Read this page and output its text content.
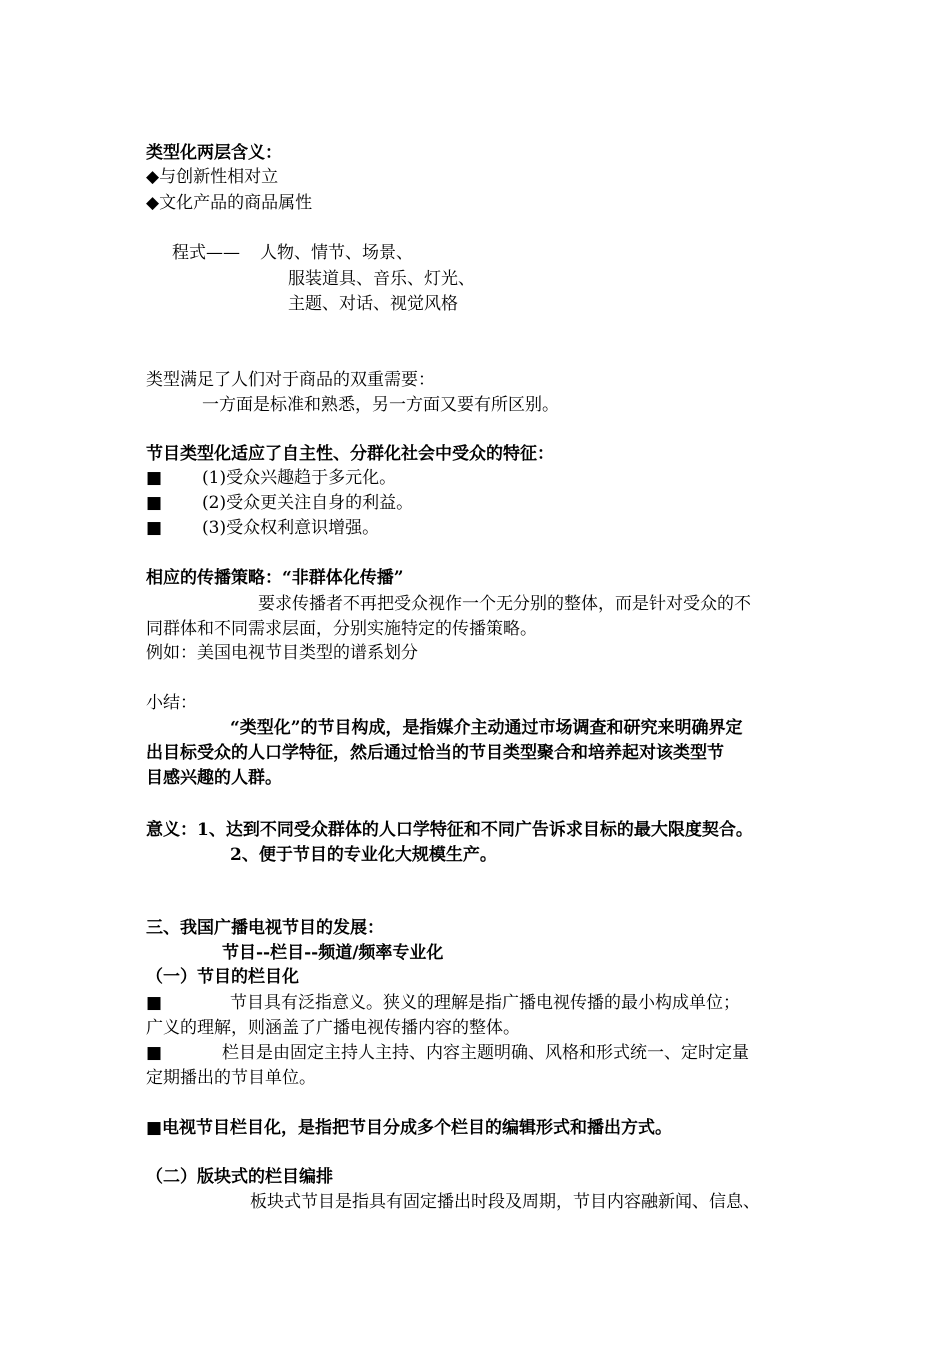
类型化两层含义：
◆与创新性相对立
◆文化产品的商品属性
程式—— 人物、情节、场景、
服装道具、音乐、灯光、
主题、对话、视觉风格
类型满足了人们对于商品的双重需要：
一方面是标准和熟悉，另一方面又要有所区别。
节目类型化适应了自主性、分群化社会中受众的特征：
■ (1)受众兴趣趋于多元化。
■ (2)受众更关注自身的利益。
■ (3)受众权利意识增强。
相应的传播策略：“非群体化传播”
要求传播者不再把受众视作一个无分别的整体，而是针对受众的不
同群体和不同需求层面，分别实施特定的传播策略。
例如：美国电视节目类型的谱系划分
小结：
“类型化”的节目构成，是指媒介主动通过市场调查和研究来明确界定
出目标受众的人口学特征，然后通过恰当的节目类型聚合和培养起对该类型节
目感兴趣的人群。
意义：1、达到不同受众群体的人口学特征和不同广告诉求目标的最大限度契合。
2、便于节目的专业化大规模生产。
三、我国广播电视节目的发展：
节目--栏目--频道/频率专业化
（一）节目的栏目化
■	节目具有泛指意义。狭义的理解是指广播电视传播的最小构成单位；
广义的理解，则涵盖了广播电视传播内容的整体。
■	栏目是由固定主持人主持、内容主题明确、风格和形式统一、定时定量
定期播出的节目单位。
■电视节目栏目化，是指把节目分成多个栏目的编辑形式和播出方式。
（二）版块式的栏目编排
板块式节目是指具有固定播出时段及周期，节目内容融新闻、信息、
